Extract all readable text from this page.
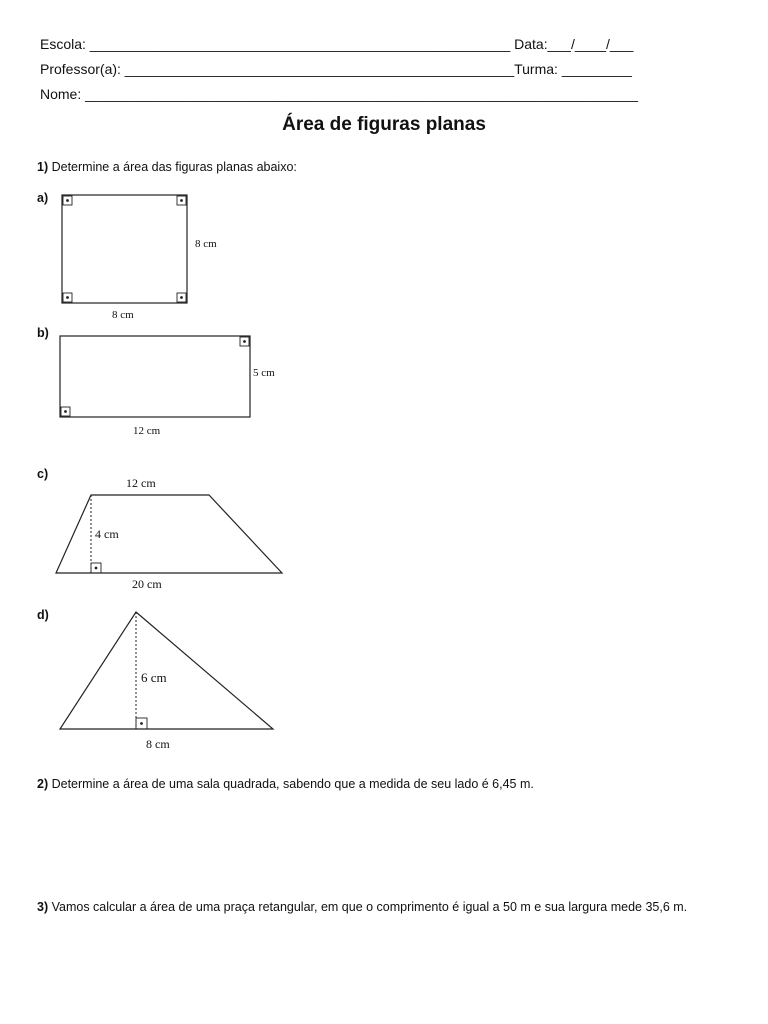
Escola: ______________________________________________________ Data:___/____/___
Professor(a): __________________________________________________Turma: _________
Nome: _______________________________________________________________________
Área de figuras planas
1) Determine a área das figuras planas abaixo:
a)
b)
c)
d)
8 cm
8 cm
5 cm
12 cm
12 cm
4 cm
20 cm
6 cm
8 cm
2) Determine a área de uma sala quadrada, sabendo que a medida de seu lado é 6,45 m.
3) Vamos calcular a área de uma praça retangular, em que o comprimento é igual a 50 m e sua largura mede 35,6 m.
